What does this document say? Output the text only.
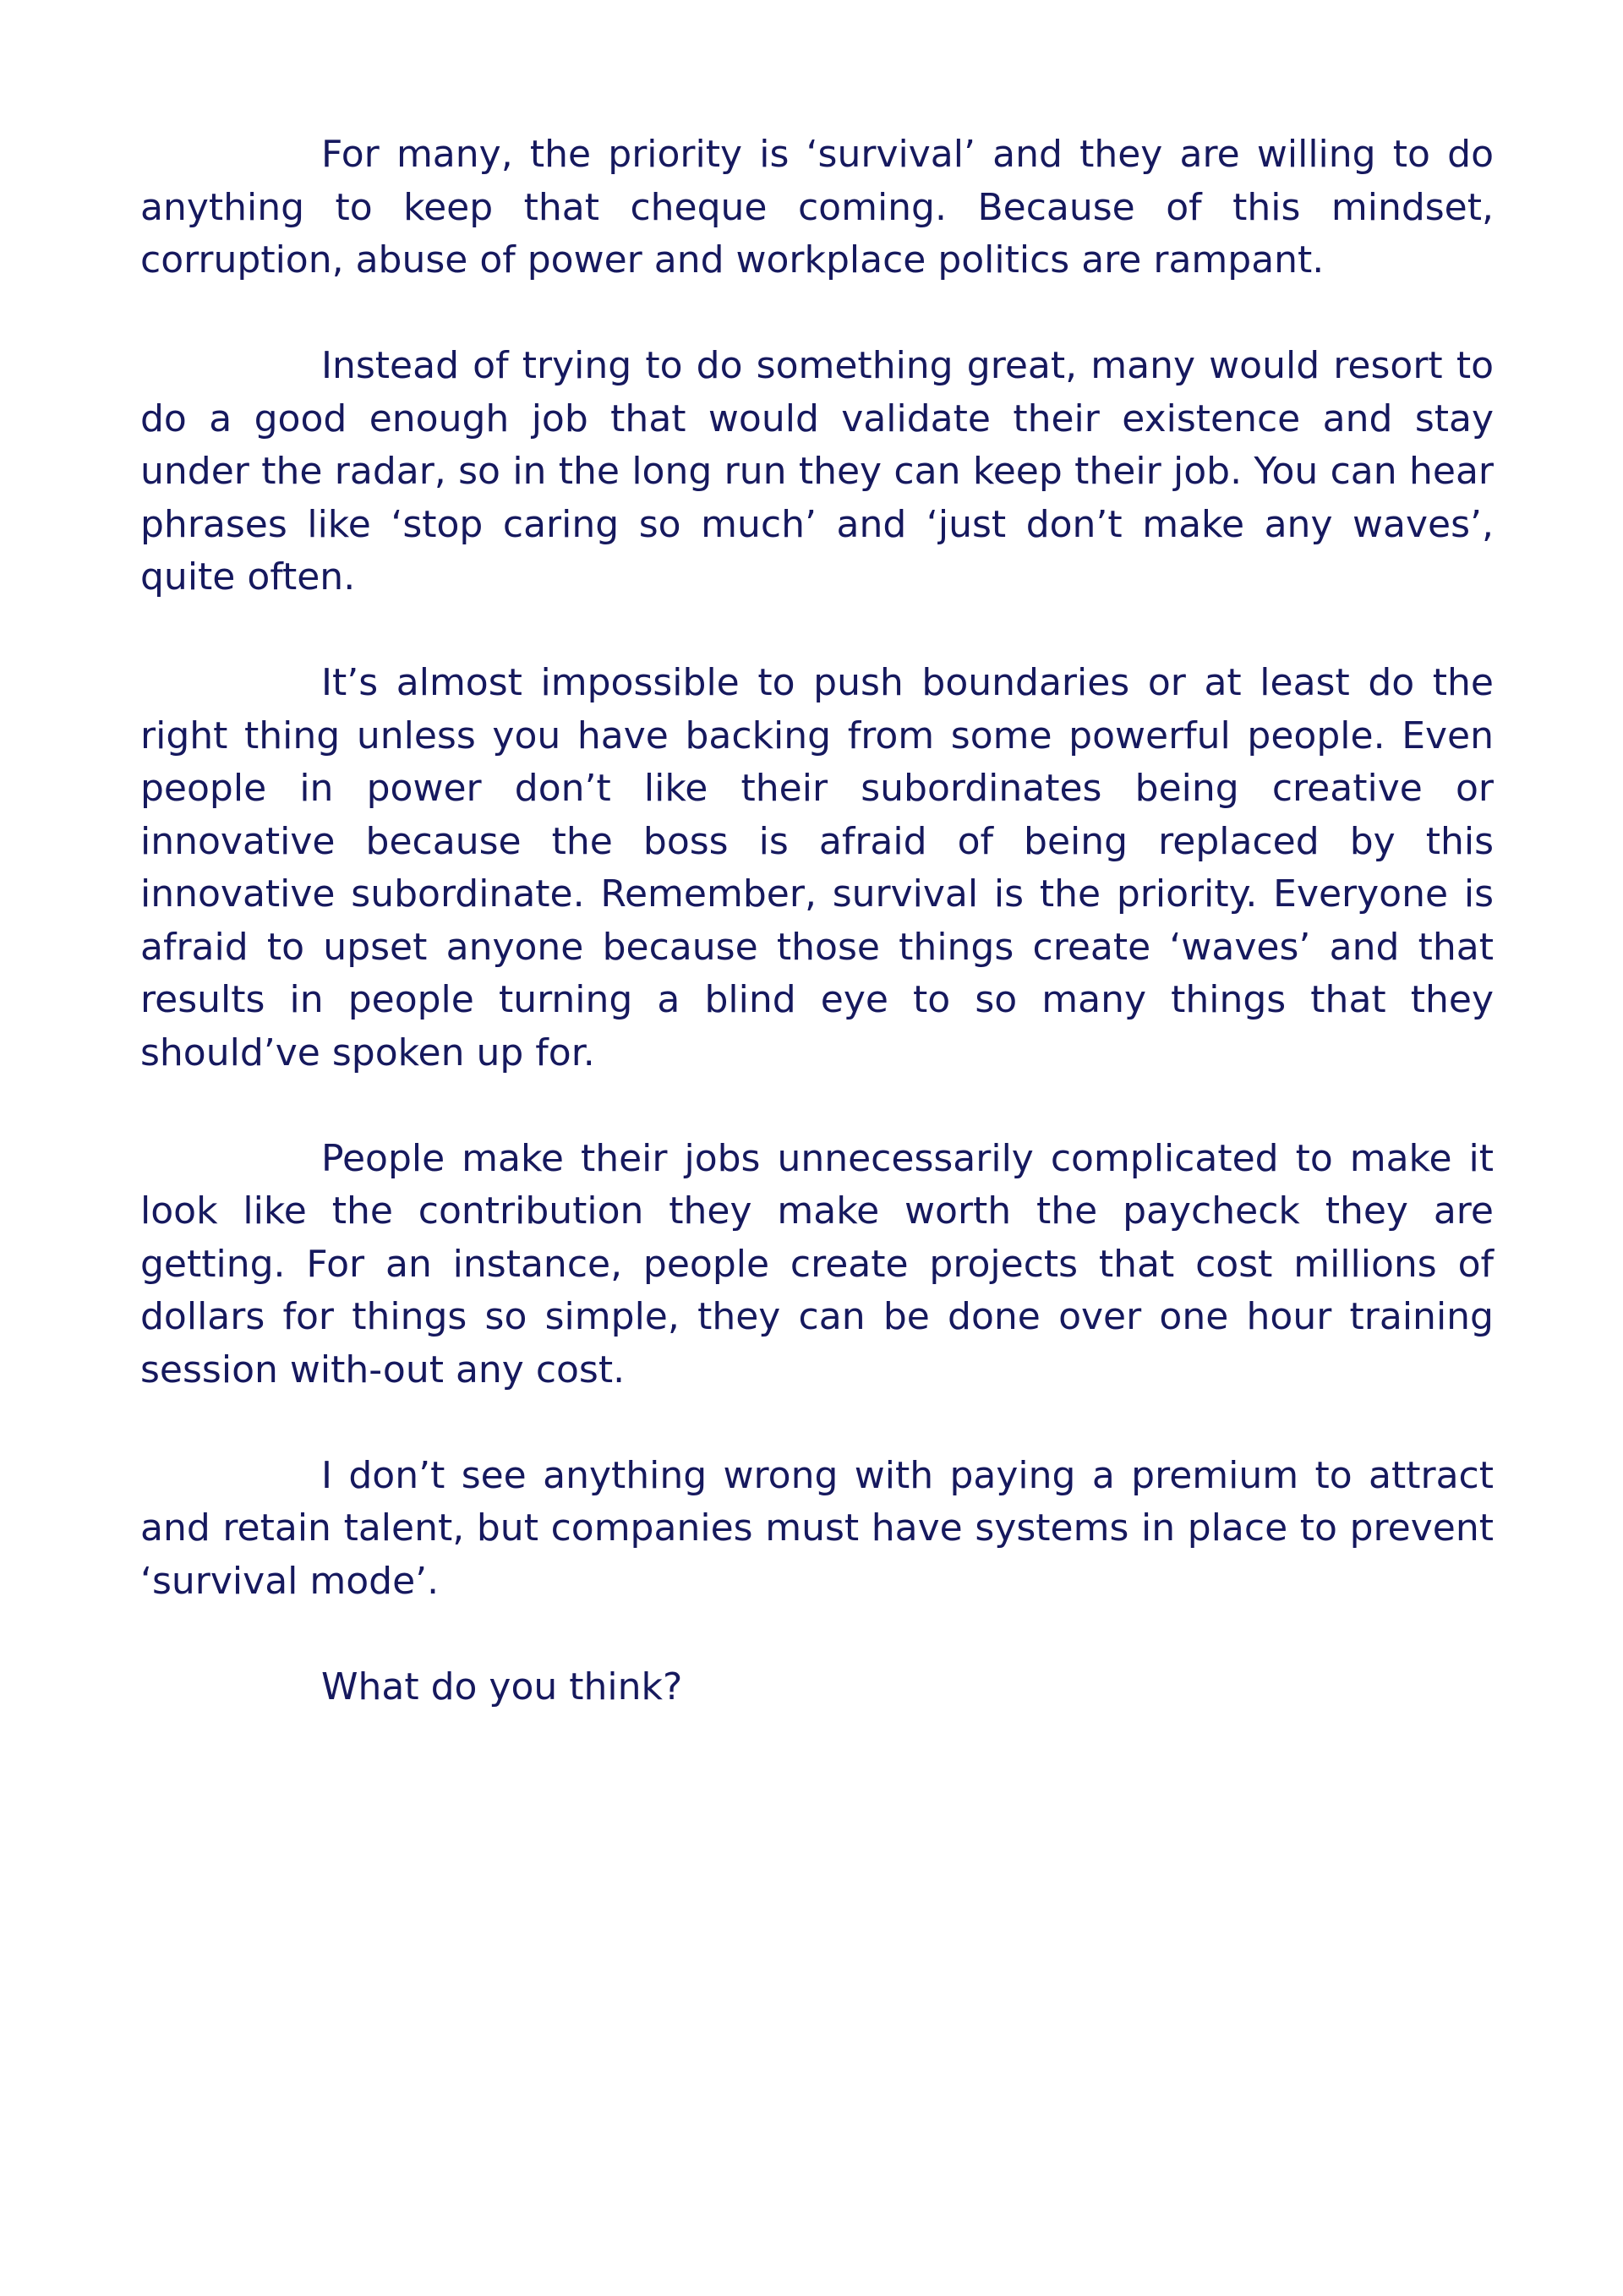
For many, the priority is ‘survival’ and they are willing to do anything to keep that cheque coming. Because of this mindset, corruption, abuse of power and workplace politics are rampant.

Instead of trying to do something great, many would resort to do a good enough job that would validate their existence and stay under the radar, so in the long run they can keep their job. You can hear phrases like ‘stop caring so much’ and ‘just don’t make any waves’, quite often.

It’s almost impossible to push boundaries or at least do the right thing unless you have backing from some powerful people. Even people in power don’t like their subordinates being creative or innovative because the boss is afraid of being replaced by this innovative subordinate. Remember, survival is the priority. Everyone is afraid to upset anyone because those things create ‘waves’ and that results in people turning a blind eye to so many things that they should’ve spoken up for.

People make their jobs unnecessarily complicated to make it look like the contribution they make worth the paycheck they are getting. For an instance, people create projects that cost millions of dollars for things so simple, they can be done over one hour training session with-out any cost.

I don’t see anything wrong with paying a premium to attract and retain talent, but companies must have systems in place to prevent ‘survival mode’.

What do you think?
